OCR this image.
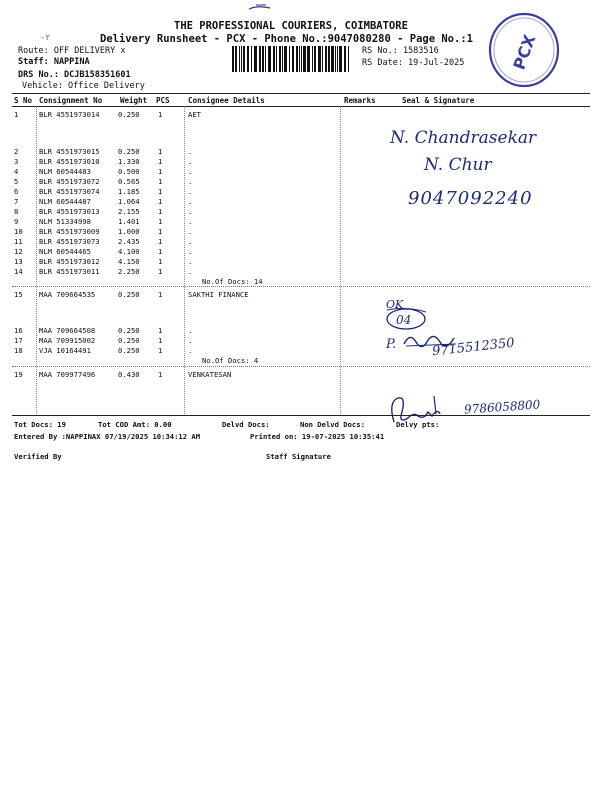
THE PROFESSIONAL COURIERS, COIMBATORE
Delivery Runsheet - PCX - Phone No.:9047080280 - Page No.:1
-٢
Route: OFF DELIVERY x
Staff: NAPPINA
DRS No.: DCJB158351601
Vehicle: Office Delivery
RS No.: 1583516
RS Date: 19-Jul-2025	PCX
S No Consignment No Weight PCS Consignee Details	Remarks	Seal & Signature
1	BLR 4551973014	0.250	1	AET
2	BLR 4551973015	0.250	1	.
3	BLR 4551973010	1.330	1	.
4	NLM 60544483	0.500	1	.
5	BLR 4551973072	0.565	1	.
6	BLR 4551973074	1.185	1	.
7	NLM 60544487	1.064	1	.
8	BLR 4551973013	2.155	1	.
9	NLM 51334998	1.401	1	.
10 BLR 4551973009	1.000	1	.
11 BLR 4551973073	2.435	1	.
12 NLM 60544465	4.100	1	.
13 BLR 4551973012	4.150	1	.
14 BLR 4551973011	2.250	1	.
No.Of Docs: 14
N. Chandrasekar
N. Chur
9047092240
15 MAA 709664535	0.250	1	SAKTHI FINANCE
16 MAA 709664508	0.250	1	.
17 MAA 709915002	0.250	1	.
18 VJA 10164491	0.250	1	.
No.Of Docs: 4
OK
04
P.	9715512350
19 MAA 709977496	0.430	1	VENKATESAN
9786058800
Tot Docs: 19	Tot COD Amt: 0.00	Delvd Docs:	Non Delvd Docs:	Delvy pts:
Entered By :NAPPINAX 07/19/2025 10:34:12 AM	Printed on: 19-07-2025 10:35:41
Verified By	Staff Signature
